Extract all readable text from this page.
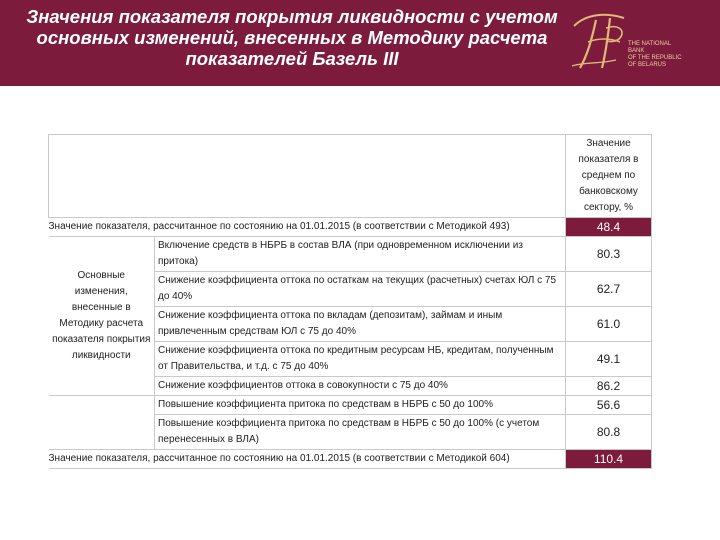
Значения показателя покрытия ликвидности с учетом
основных изменений, внесенных в Методику расчета
показателей Базель III
THE NATIONAL
BANK
OF THE REPUBLIC
OF BELARUS
		Значение показателя в среднем по банковскому сектору, %
Значение показателя, рассчитанное по состоянию на 01.01.2015 (в соответствии с Методикой 493)		48.4
Основные изменения, внесенные в Методику расчета показателя покрытия ликвидности	Включение средств в НБРБ в состав ВЛА (при одновременном исключении из притока)	80.3
	Снижение коэффициента оттока по остаткам на текущих (расчетных) счетах ЮЛ с 75 до 40%	62.7
	Снижение коэффициента оттока по вкладам (депозитам), займам и иным привлеченным средствам ЮЛ с 75 до 40%	61.0
	Снижение коэффициента оттока по кредитным ресурсам НБ, кредитам, полученным от Правительства, и т.д. с 75 до 40%	49.1
	Снижение коэффициентов оттока в совокупности с 75 до 40%	86.2
	Повышение коэффициента притока по средствам в НБРБ с 50 до 100%	56.6
	Повышение коэффициента притока по средствам в НБРБ с 50 до 100% (с учетом перенесенных в ВЛА)	80.8
Значение показателя, рассчитанное по состоянию на 01.01.2015 (в соответствии с Методикой 604)		110.4
